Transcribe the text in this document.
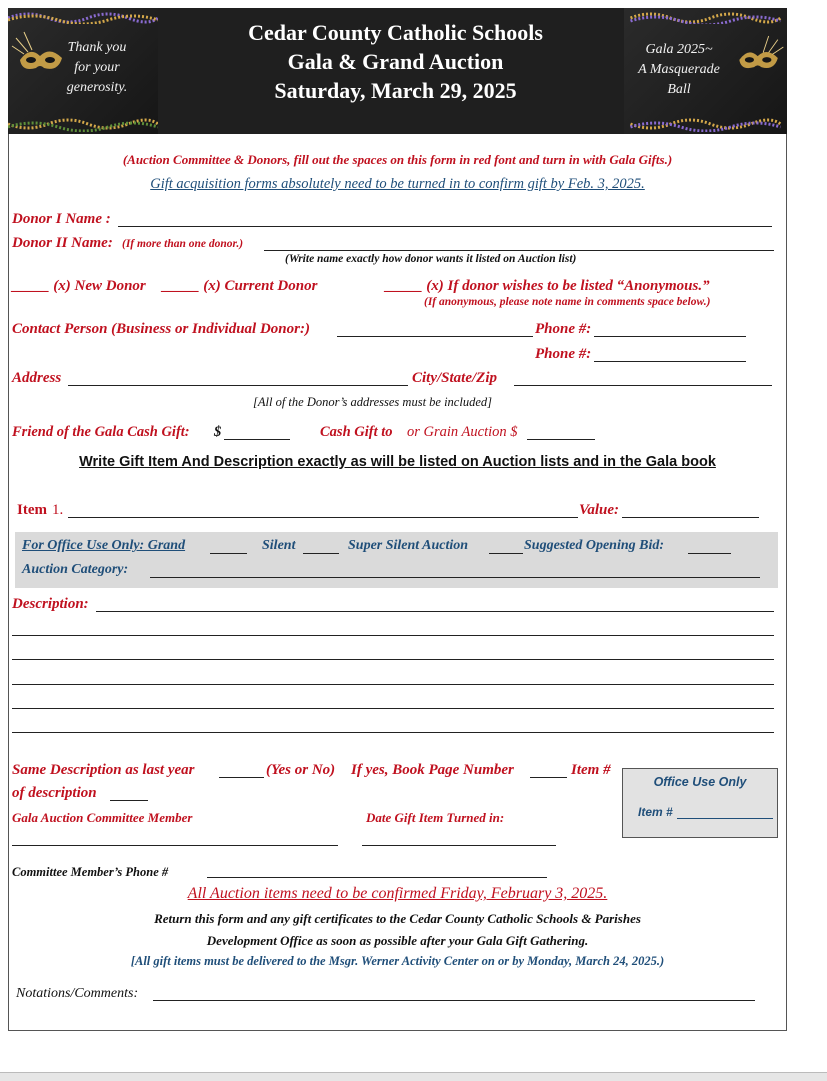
Thank you
for your
generosity.
Cedar County Catholic Schools
Gala & Grand Auction
Saturday, March 29, 2025
Gala 2025~
A Masquerade
Ball
(Auction Committee & Donors, fill out the spaces on this form in red font and turn in with Gala Gifts.)
Gift acquisition forms absolutely need to be turned in to confirm gift by Feb. 3, 2025.
Donor I Name :
Donor II Name: (If more than one donor.)
(Write name exactly how donor wants it listed on Auction list)
_____ (x) New Donor _____ (x) Current Donor	_____ (x) If donor wishes to be listed “Anonymous.”
(If anonymous, please note name in comments space below.)
Contact Person (Business or Individual Donor:)	Phone #:
Phone #:
Address	City/State/Zip
[All of the Donor’s addresses must be included]
Friend of the Gala Cash Gift: $	Cash Gift to or Grain Auction $
Write Gift Item And Description exactly as will be listed on Auction lists and in the Gala book
Item 1.	Value:
For Office Use Only: Grand	Silent	Super Silent Auction	Suggested Opening Bid:
Auction Category:
Description:
Same Description as last year	(Yes or No) If yes, Book Page Number	Item #
of description
Office Use Only
Item #
Gala Auction Committee Member	Date Gift Item Turned in:
Committee Member’s Phone #
All Auction items need to be confirmed Friday, February 3, 2025.
Return this form and any gift certificates to the Cedar County Catholic Schools & Parishes
Development Office as soon as possible after your Gala Gift Gathering.
[All gift items must be delivered to the Msgr. Werner Activity Center on or by Monday, March 24, 2025.)
Notations/Comments:
